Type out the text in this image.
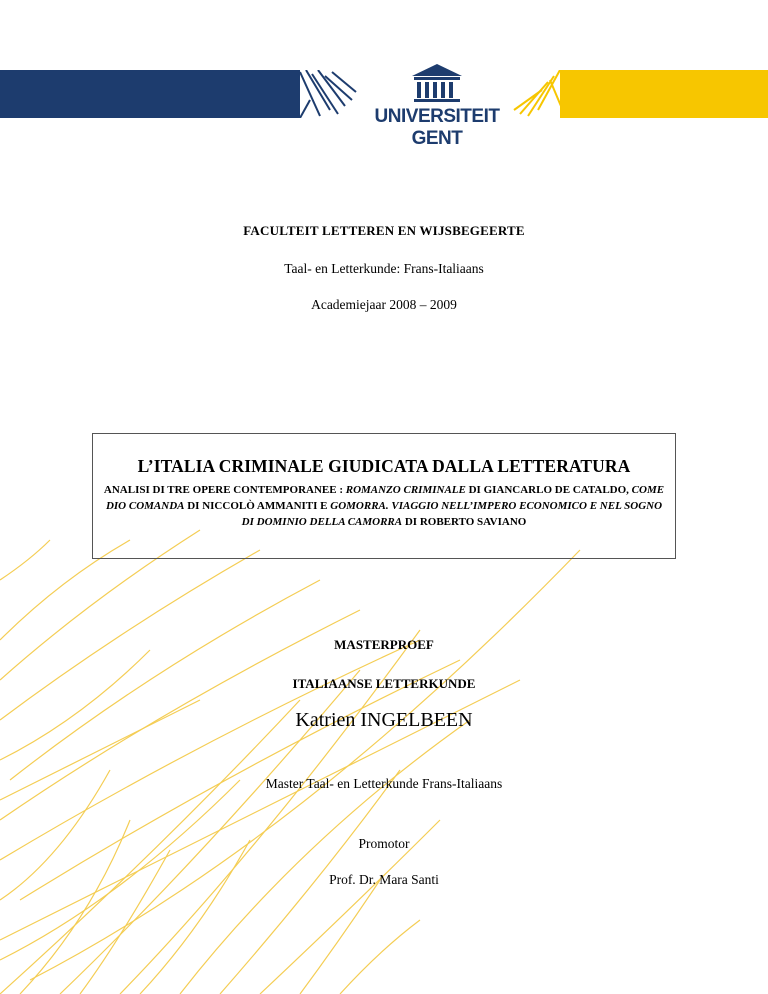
UNIVERSITEIT
GENT
FACULTEIT LETTEREN EN WIJSBEGEERTE
Taal- en Letterkunde: Frans-Italiaans
Academiejaar 2008 – 2009
L’ITALIA CRIMINALE GIUDICATA DALLA LETTERATURA
ANALISI DI TRE OPERE CONTEMPORANEE : ROMANZO CRIMINALE DI GIANCARLO DE CATALDO, COME DIO COMANDA DI NICCOLÒ AMMANITI E GOMORRA. VIAGGIO NELL’IMPERO ECONOMICO E NEL SOGNO DI DOMINIO DELLA CAMORRA DI ROBERTO SAVIANO
MASTERPROEF
ITALIAANSE LETTERKUNDE
Katrien INGELBEEN
Master Taal- en Letterkunde Frans-Italiaans
Promotor
Prof. Dr. Mara Santi
